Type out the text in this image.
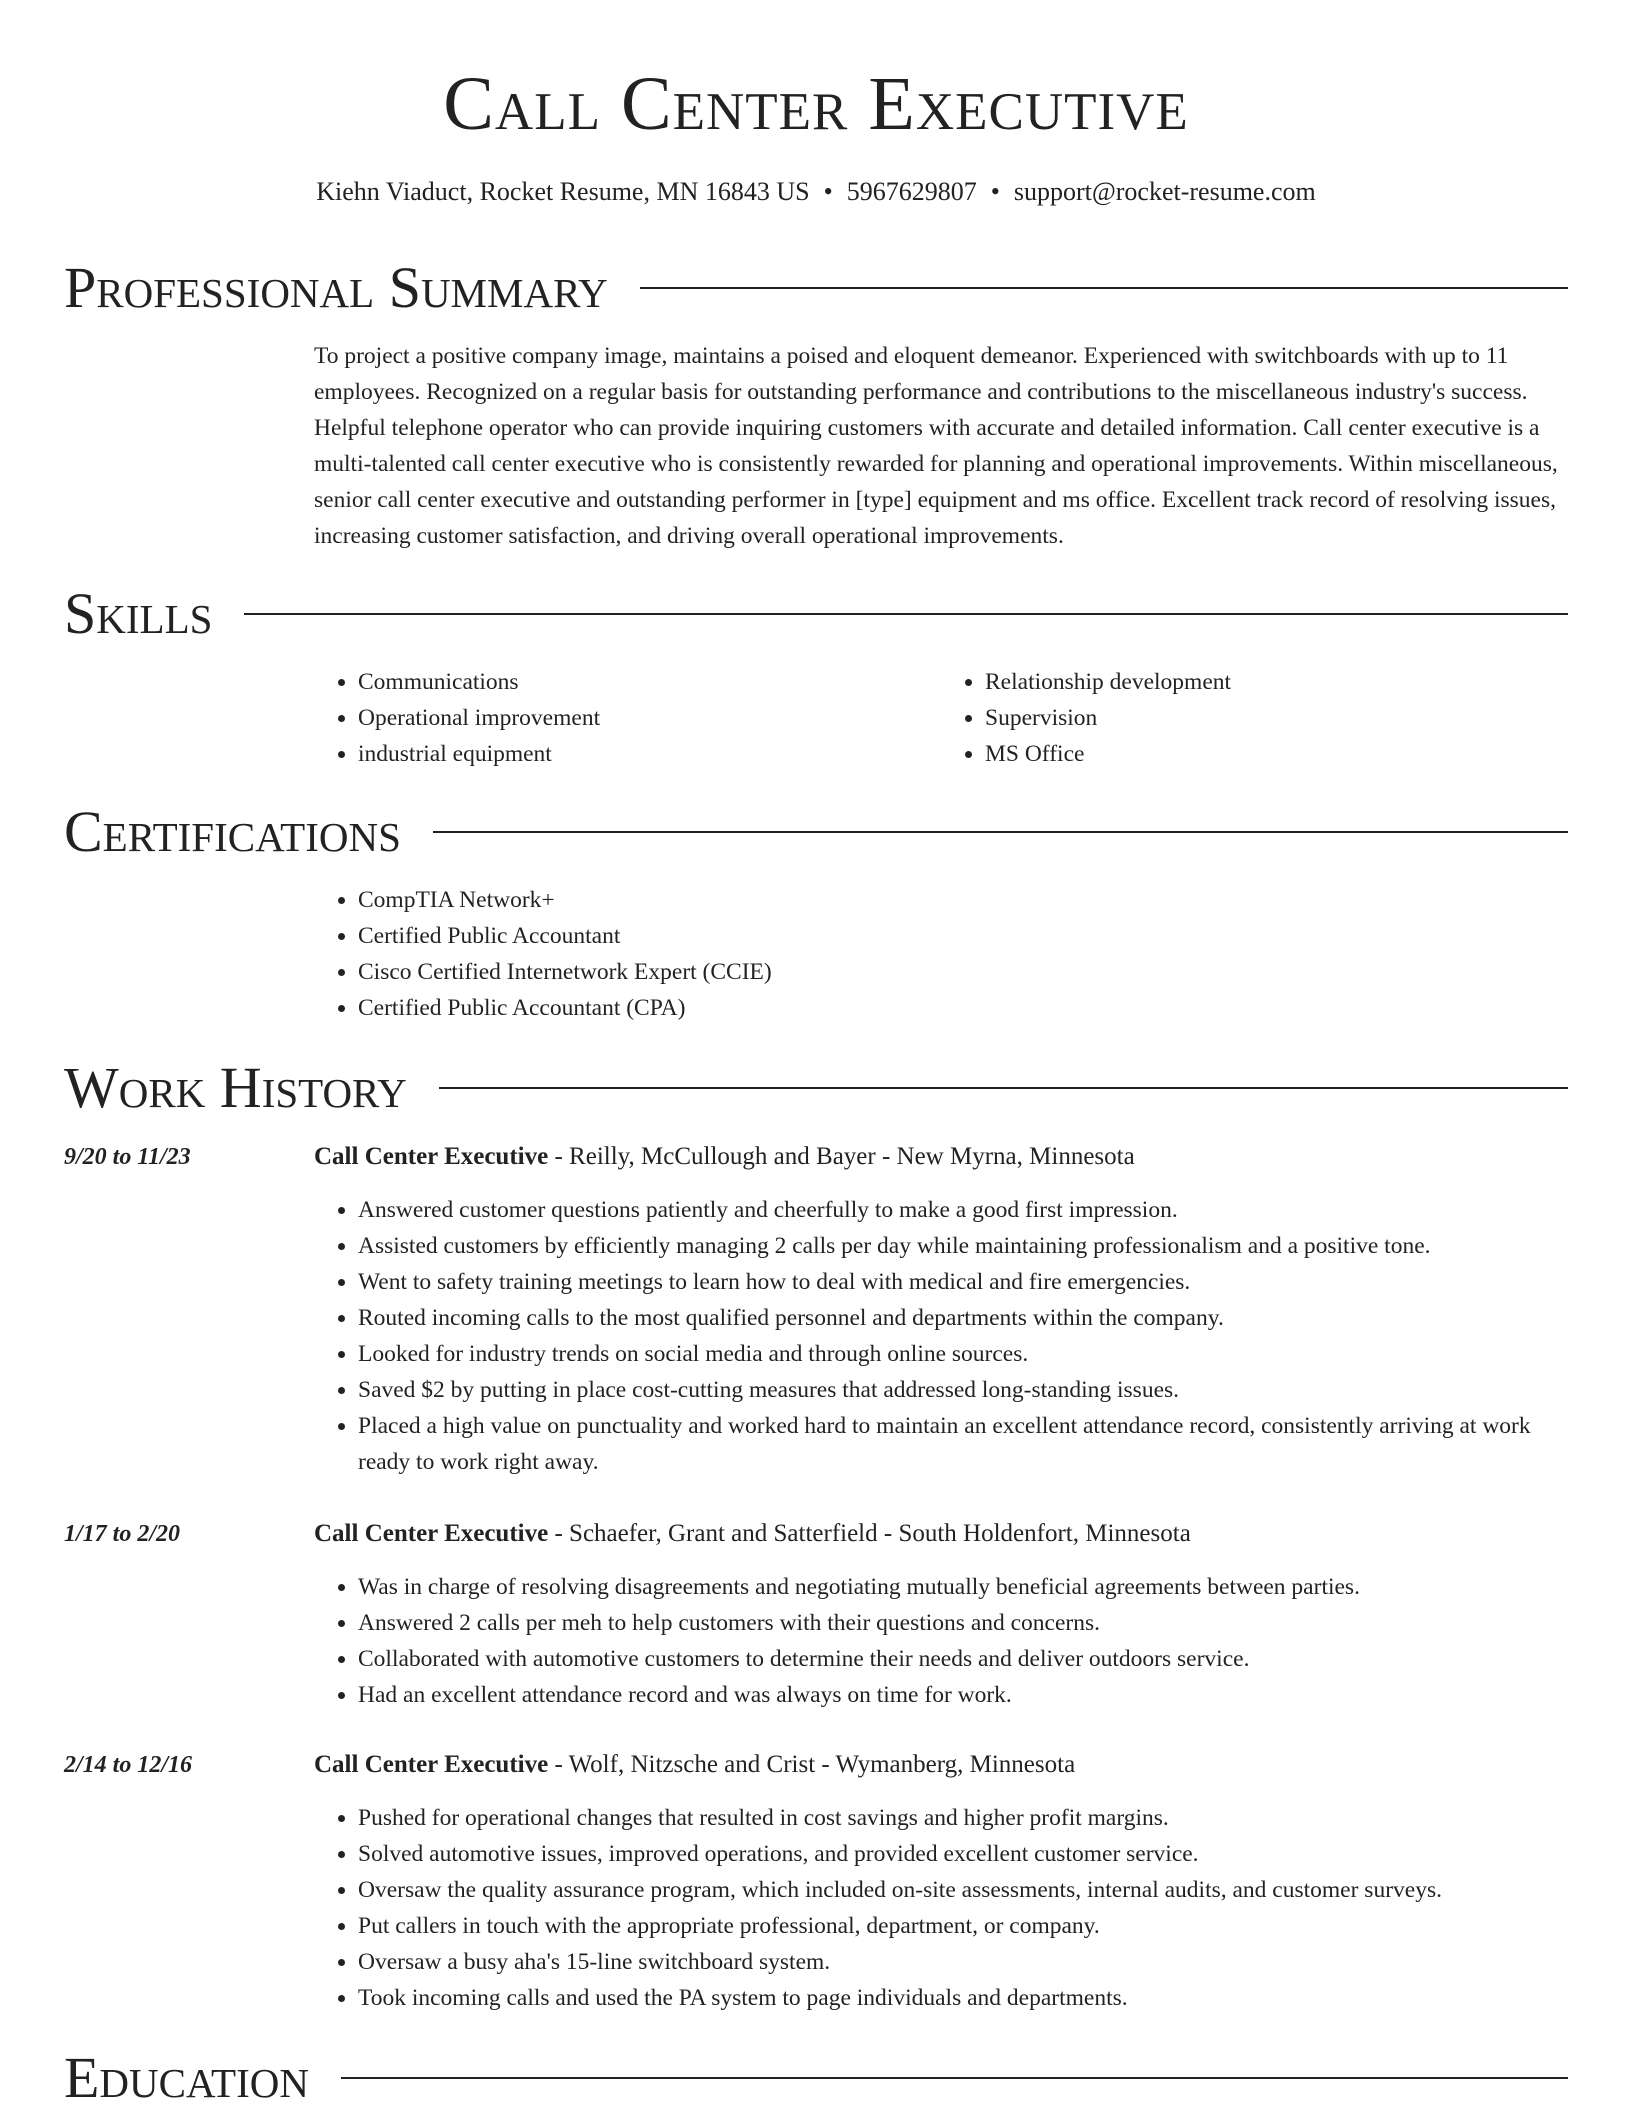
Call Center Executive
Kiehn Viaduct, Rocket Resume, MN 16843 US • 5967629807 • support@rocket-resume.com
Professional Summary

To project a positive company image, maintains a poised and eloquent demeanor. Experienced with switchboards with up to 11 employees. Recognized on a regular basis for outstanding performance and contributions to the miscellaneous industry's success. Helpful telephone operator who can provide inquiring customers with accurate and detailed information. Call center executive is a multi-talented call center executive who is consistently rewarded for planning and operational improvements. Within miscellaneous, senior call center executive and outstanding performer in [type] equipment and ms office. Excellent track record of resolving issues, increasing customer satisfaction, and driving overall operational improvements.

Skills
• Communications
• Operational improvement
• industrial equipment
• Relationship development
• Supervision
• MS Office
Certifications
• CompTIA Network+
• Certified Public Accountant
• Cisco Certified Internetwork Expert (CCIE)
• Certified Public Accountant (CPA)
Work History
9/20 to 11/23	Call Center Executive - Reilly, McCullough and Bayer - New Myrna, Minnesota
• Answered customer questions patiently and cheerfully to make a good first impression.
• Assisted customers by efficiently managing 2 calls per day while maintaining professionalism and a positive tone.
• Went to safety training meetings to learn how to deal with medical and fire emergencies.
• Routed incoming calls to the most qualified personnel and departments within the company.
• Looked for industry trends on social media and through online sources.
• Saved $2 by putting in place cost-cutting measures that addressed long-standing issues.
• Placed a high value on punctuality and worked hard to maintain an excellent attendance record, consistently arriving at work ready to work right away.
1/17 to 2/20	Call Center Executive - Schaefer, Grant and Satterfield - South Holdenfort, Minnesota
• Was in charge of resolving disagreements and negotiating mutually beneficial agreements between parties.
• Answered 2 calls per meh to help customers with their questions and concerns.
• Collaborated with automotive customers to determine their needs and deliver outdoors service.
• Had an excellent attendance record and was always on time for work.
2/14 to 12/16	Call Center Executive - Wolf, Nitzsche and Crist - Wymanberg, Minnesota
• Pushed for operational changes that resulted in cost savings and higher profit margins.
• Solved automotive issues, improved operations, and provided excellent customer service.
• Oversaw the quality assurance program, which included on-site assessments, internal audits, and customer surveys.
• Put callers in touch with the appropriate professional, department, or company.
• Oversaw a busy aha's 15-line switchboard system.
• Took incoming calls and used the PA system to page individuals and departments.
Education
